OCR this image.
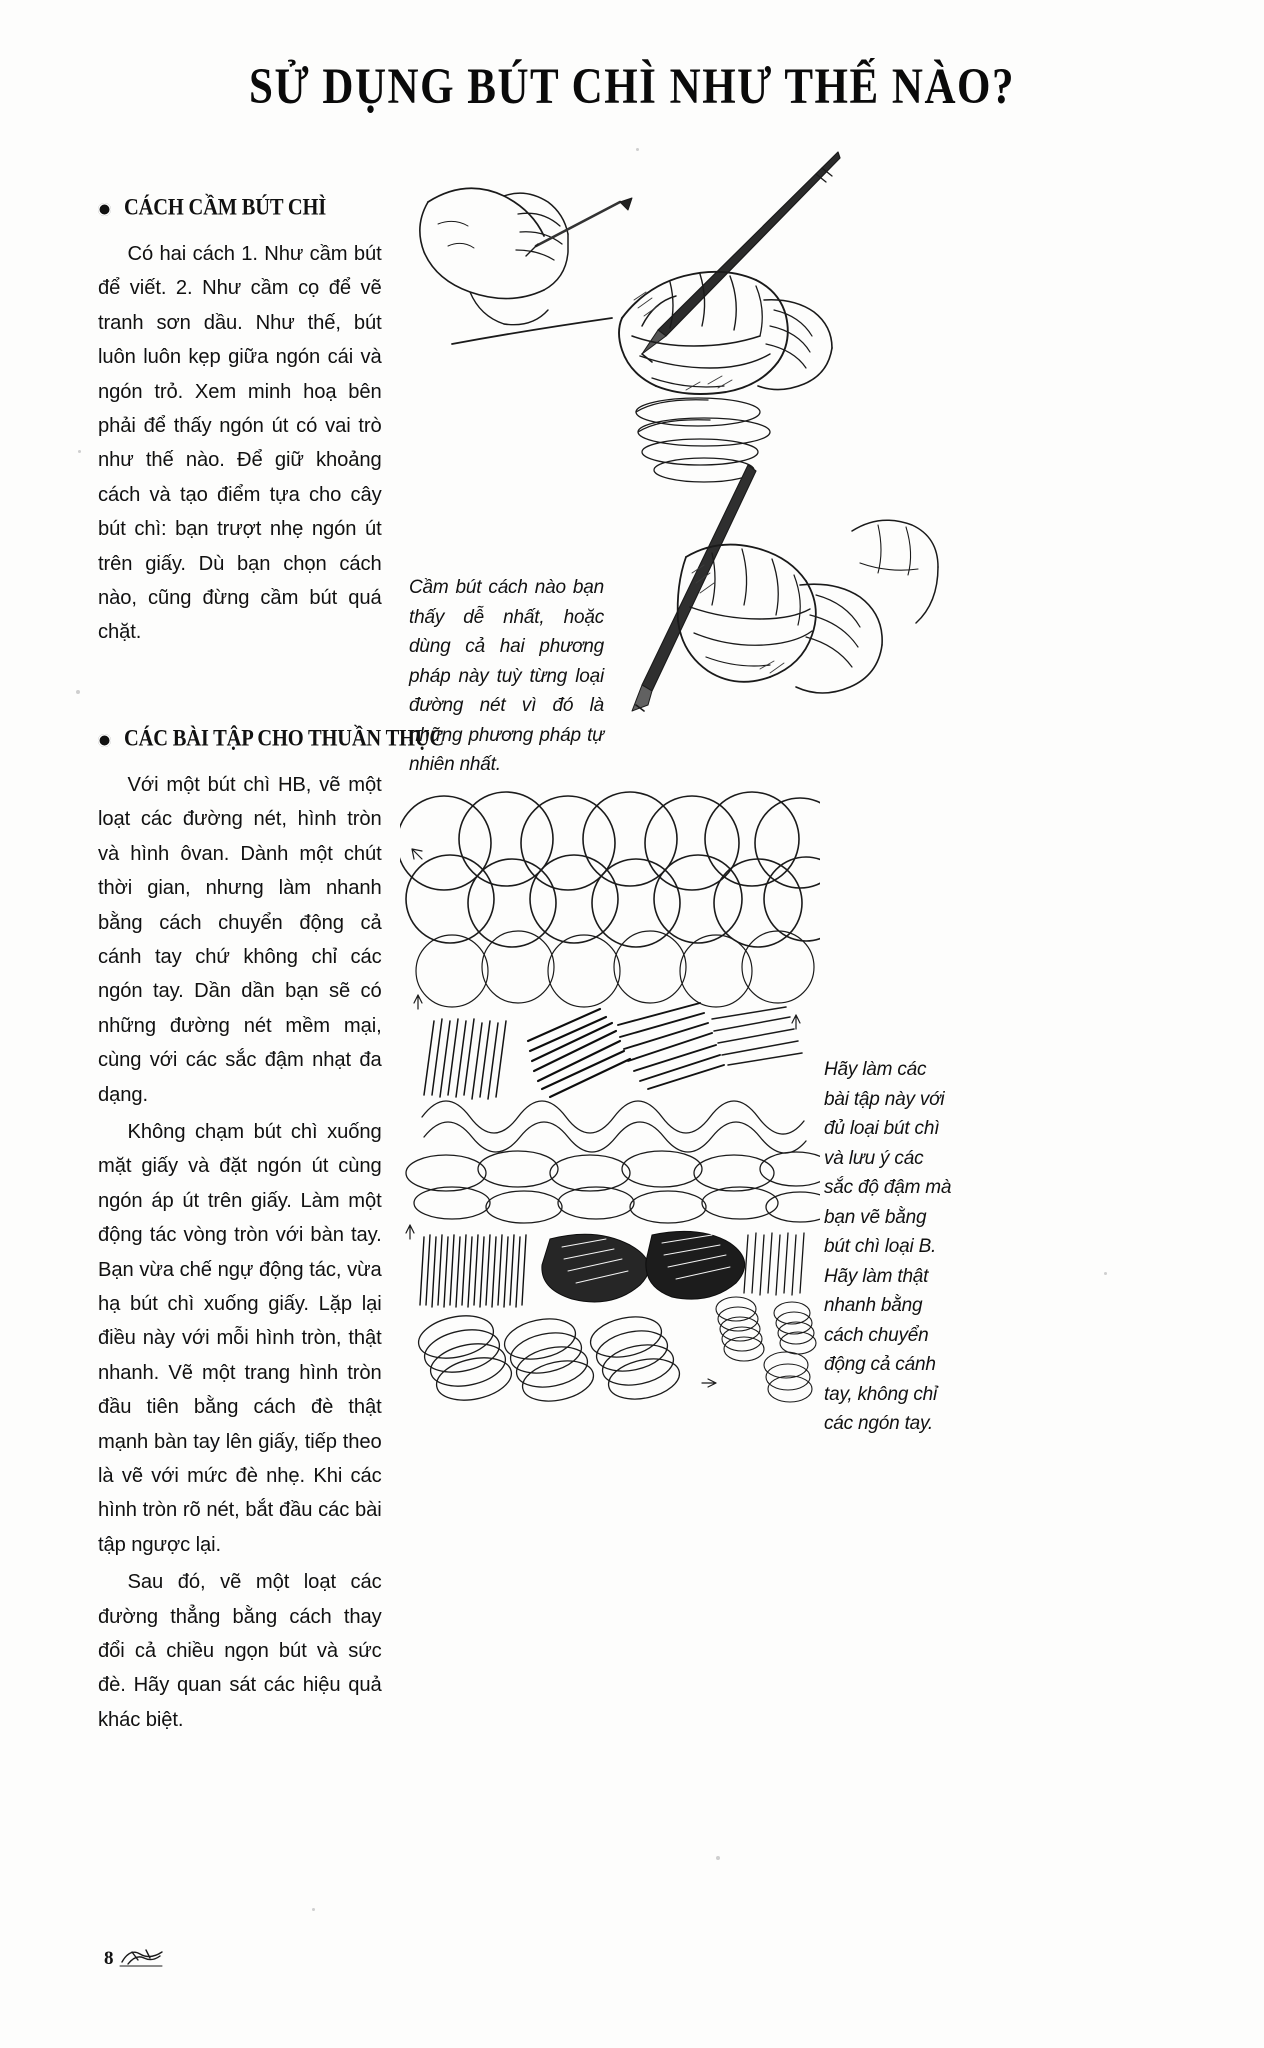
SỬ DỤNG BÚT CHÌ NHƯ THẾ NÀO?
CÁCH CẦM BÚT CHÌ

Có hai cách 1. Như cầm bút để viết. 2. Như cầm cọ để vẽ tranh sơn dầu. Như thế, bút luôn luôn kẹp giữa ngón cái và ngón trỏ. Xem minh hoạ bên phải để thấy ngón út có vai trò như thế nào. Để giữ khoảng cách và tạo điểm tựa cho cây bút chì: bạn trượt nhẹ ngón út trên giấy. Dù bạn chọn cách nào, cũng đừng cầm bút quá chặt.

CÁC BÀI TẬP CHO THUẦN THỤC

Với một bút chì HB, vẽ một loạt các đường nét, hình tròn và hình ôvan. Dành một chút thời gian, nhưng làm nhanh bằng cách chuyển động cả cánh tay chứ không chỉ các ngón tay. Dần dần bạn sẽ có những đường nét mềm mại, cùng với các sắc đậm nhạt đa dạng.

Không chạm bút chì xuống mặt giấy và đặt ngón út cùng ngón áp út trên giấy. Làm một động tác vòng tròn với bàn tay. Bạn vừa chế ngự động tác, vừa hạ bút chì xuống giấy. Lặp lại điều này với mỗi hình tròn, thật nhanh. Vẽ một trang hình tròn đầu tiên bằng cách đè thật mạnh bàn tay lên giấy, tiếp theo là vẽ với mức đè nhẹ. Khi các hình tròn rõ nét, bắt đầu các bài tập ngược lại.

Sau đó, vẽ một loạt các đường thẳng bằng cách thay đổi cả chiều ngọn bút và sức đè. Hãy quan sát các hiệu quả khác biệt.

Cầm bút cách nào bạn thấy dễ nhất, hoặc dùng cả hai phương pháp này tuỳ từng loại đường nét vì đó là những phương pháp tự nhiên nhất.
Hãy làm các bài tập này với đủ loại bút chì và lưu ý các sắc độ đậm mà bạn vẽ bằng bút chì loại B. Hãy làm thật nhanh bằng cách chuyển động cả cánh tay, không chỉ các ngón tay.
8
